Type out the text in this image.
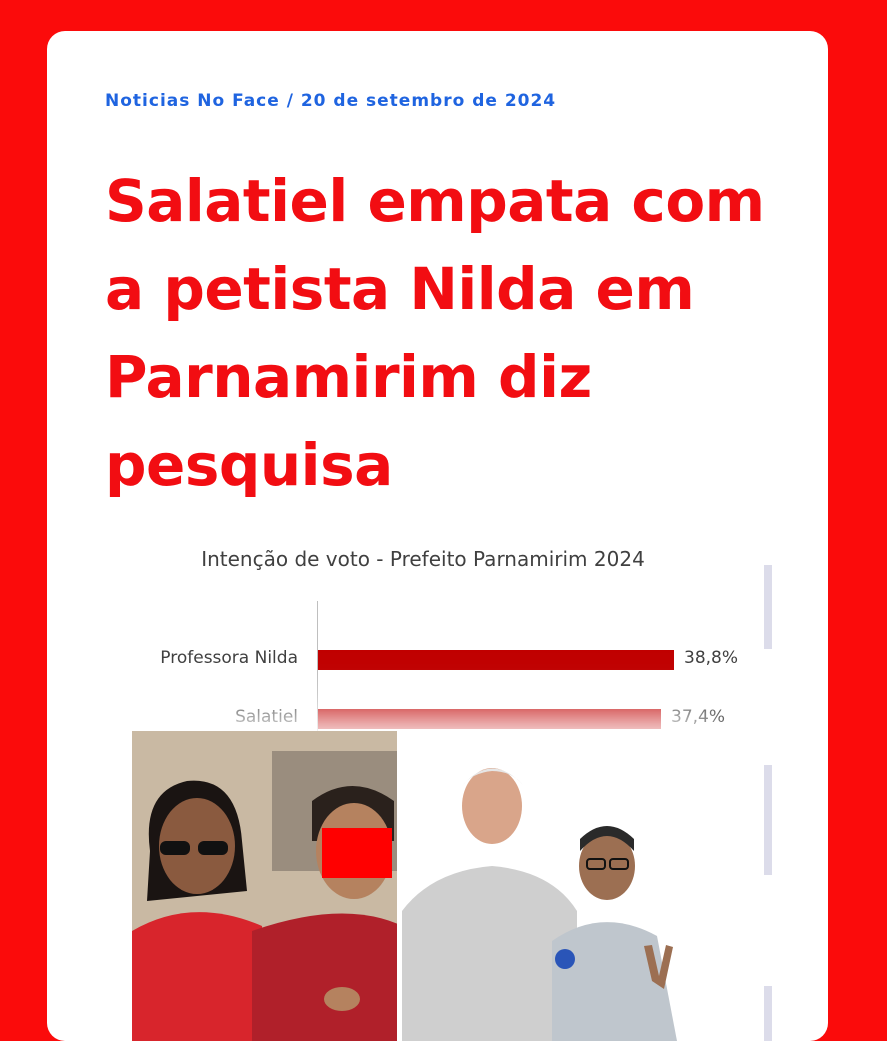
Noticias No Face / 20 de setembro de 2024
Salatiel empata com a petista Nilda em Parnamirim diz pesquisa
Intenção de voto - Prefeito Parnamirim 2024
Professora Nilda	38,8%
Salatiel	37,4%
